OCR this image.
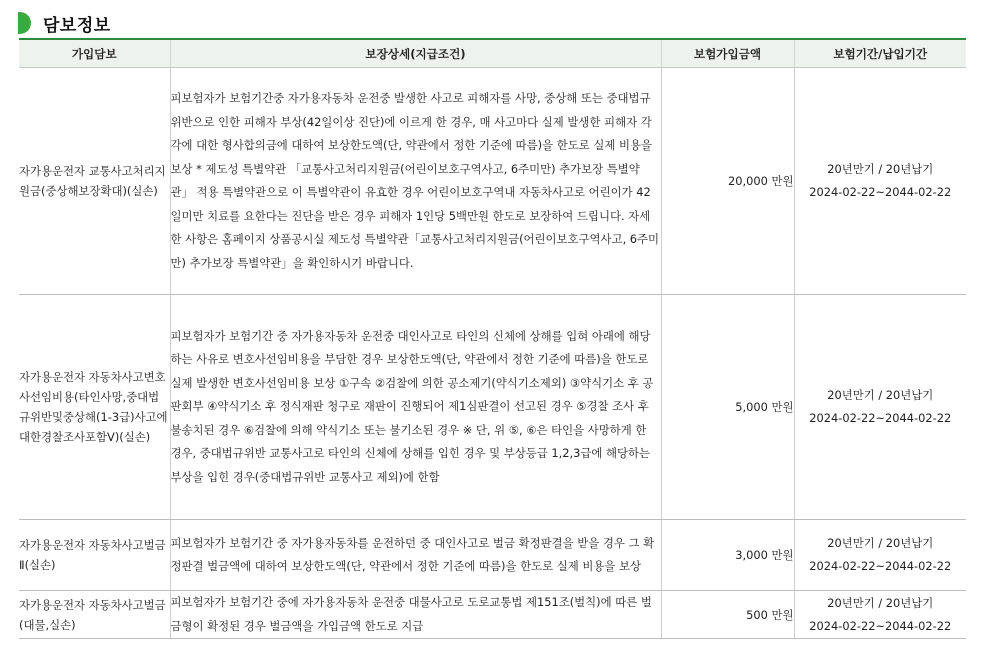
담보정보
가입담보	보장상세(지급조건)	보험가입금액	보험기간/납입기간
자가용운전자 교통사고처리지원금(중상해보장확대)(실손)	피보험자가 보험기간중 자가용자동차 운전중 발생한 사고로 피해자를 사망, 중상해 또는 중대법규위반으로 인한 피해자 부상(42일이상 진단)에 이르게 한 경우, 매 사고마다 실제 발생한 피해자 각각에 대한 형사합의금에 대하여 보상한도액(단, 약관에서 정한 기준에 따름)을 한도로 실제 비용을 보상 * 제도성 특별약관 「교통사고처리지원금(어린이보호구역사고, 6주미만) 추가보장 특별약관」 적용 특별약관으로 이 특별약관이 유효한 경우 어린이보호구역내 자동차사고로 어린이가 42일미만 치료를 요한다는 진단을 받은 경우 피해자 1인당 5백만원 한도로 보장하여 드립니다. 자세한 사항은 홈페이지 상품공시실 제도성 특별약관「교통사고처리지원금(어린이보호구역사고, 6주미만) 추가보장 특별약관」을 확인하시기 바랍니다.	20,000 만원	20년만기 / 20년납기
2024-02-22~2044-02-22

자가용운전자 자동차사고변호사선임비용(타인사망,중대법규위반및중상해(1-3급)사고에대한경찰조사포함Ⅴ)(실손)	피보험자가 보험기간 중 자가용자동차 운전중 대인사고로 타인의 신체에 상해를 입혀 아래에 해당하는 사유로 변호사선임비용을 부담한 경우 보상한도액(단, 약관에서 정한 기준에 따름)을 한도로 실제 발생한 변호사선임비용 보상 ①구속 ②검찰에 의한 공소제기(약식기소제외) ③약식기소 후 공판회부 ④약식기소 후 정식재판 청구로 재판이 진행되어 제1심판결이 선고된 경우 ⑤경찰 조사 후 불송치된 경우 ⑥검찰에 의해 약식기소 또는 불기소된 경우 ※ 단, 위 ⑤, ⑥은 타인을 사망하게 한 경우, 중대법규위반 교통사고로 타인의 신체에 상해를 입힌 경우 및 부상등급 1,2,3급에 해당하는 부상을 입힌 경우(중대법규위반 교통사고 제외)에 한함	5,000 만원	20년만기 / 20년납기
2024-02-22~2044-02-22

자가용운전자 자동차사고벌금Ⅱ(실손)	피보험자가 보험기간 중 자가용자동차를 운전하던 중 대인사고로 벌금 확정판결을 받을 경우 그 확정판결 벌금액에 대하여 보상한도액(단, 약관에서 정한 기준에 따름)을 한도로 실제 비용을 보상	3,000 만원	20년만기 / 20년납기
2024-02-22~2044-02-22

자가용운전자 자동차사고벌금(대물,실손)	피보험자가 보험기간 중에 자가용자동차 운전중 대물사고로 도로교통법 제151조(벌칙)에 따른 벌금형이 확정된 경우 벌금액을 가입금액 한도로 지급	500 만원	20년만기 / 20년납기
2024-02-22~2044-02-22
